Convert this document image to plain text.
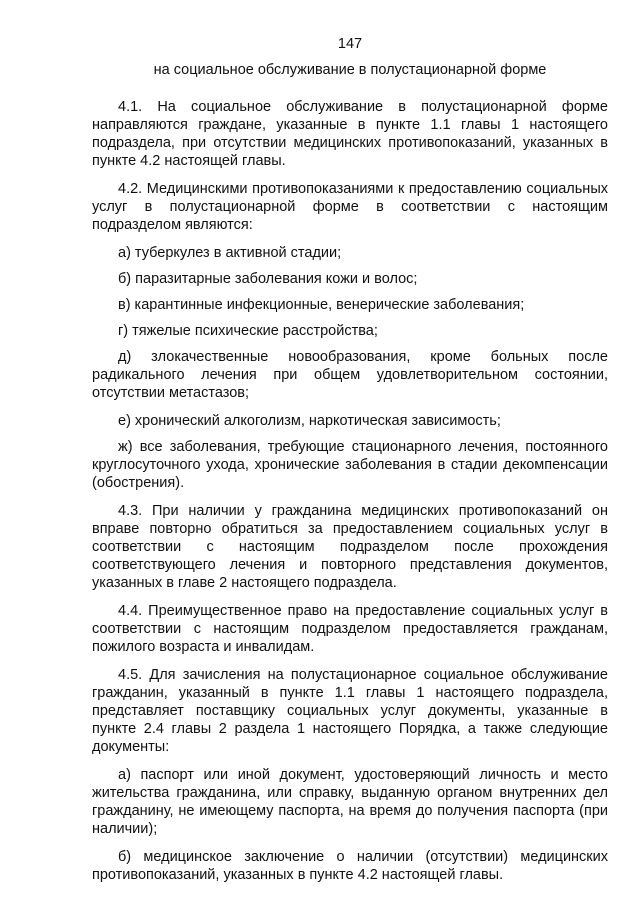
147
на социальное обслуживание в полустационарной форме

4.1. На социальное обслуживание в полустационарной форме направляются граждане, указанные в пункте 1.1 главы 1 настоящего подраздела, при отсутствии медицинских противопоказаний, указанных в пункте 4.2 настоящей главы.

4.2. Медицинскими противопоказаниями к предоставлению социальных услуг в полустационарной форме в соответствии с настоящим подразделом являются:

а) туберкулез в активной стадии;

б) паразитарные заболевания кожи и волос;

в) карантинные инфекционные, венерические заболевания;

г) тяжелые психические расстройства;

д) злокачественные новообразования, кроме больных после радикального лечения при общем удовлетворительном состоянии, отсутствии метастазов;

е) хронический алкоголизм, наркотическая зависимость;

ж) все заболевания, требующие стационарного лечения, постоянного круглосуточного ухода, хронические заболевания в стадии декомпенсации (обострения).

4.3. При наличии у гражданина медицинских противопоказаний он вправе повторно обратиться за предоставлением социальных услуг в соответствии с настоящим подразделом после прохождения соответствующего лечения и повторного представления документов, указанных в главе 2 настоящего подраздела.

4.4. Преимущественное право на предоставление социальных услуг в соответствии с настоящим подразделом предоставляется гражданам, пожилого возраста и инвалидам.

4.5. Для зачисления на полустационарное социальное обслуживание гражданин, указанный в пункте 1.1 главы 1 настоящего подраздела, представляет поставщику социальных услуг документы, указанные в пункте 2.4 главы 2 раздела 1 настоящего Порядка, а также следующие документы:

а) паспорт или иной документ, удостоверяющий личность и место жительства гражданина, или справку, выданную органом внутренних дел гражданину, не имеющему паспорта, на время до получения паспорта (при наличии);

б) медицинское заключение о наличии (отсутствии) медицинских противопоказаний, указанных в пункте 4.2 настоящей главы.
